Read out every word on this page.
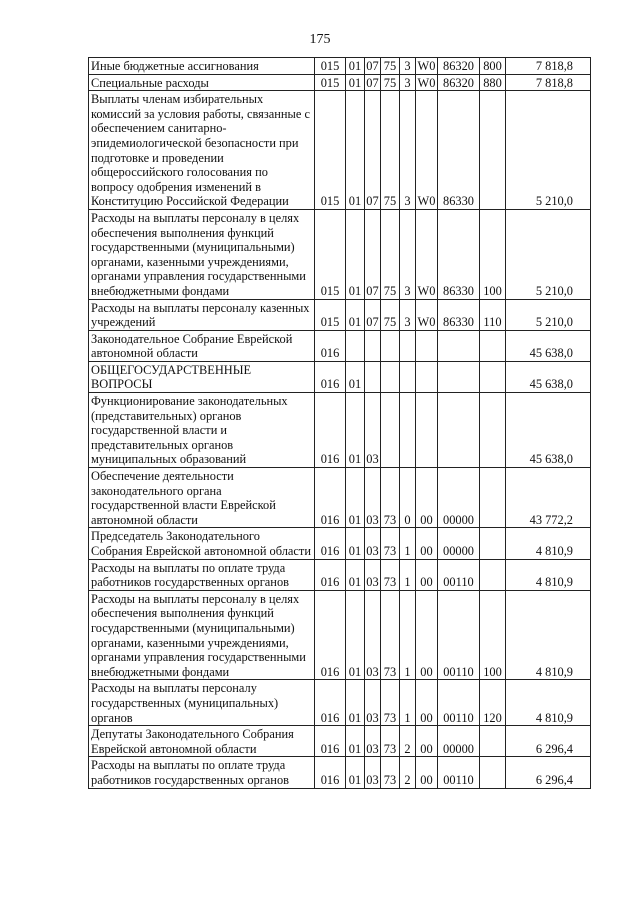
175
Иные бюджетные ассигнования	015	01	07	75	3	W0	86320	800	7 818,8
Специальные расходы	015	01	07	75	3	W0	86320	880	7 818,8
Выплаты членам избирательных комиссий за условия работы, связанные с обеспечением санитарно-эпидемиологической безопасности при подготовке и проведении общероссийского голосования по вопросу одобрения изменений в Конституцию Российской Федерации	015	01	07	75	3	W0	86330		5 210,0
Расходы на выплаты персоналу в целях обеспечения выполнения функций государственными (муниципальными) органами, казенными учреждениями, органами управления государственными внебюджетными фондами	015	01	07	75	3	W0	86330	100	5 210,0
Расходы на выплаты персоналу казенных учреждений	015	01	07	75	3	W0	86330	110	5 210,0
Законодательное Собрание Еврейской автономной области	016								45 638,0
ОБЩЕГОСУДАРСТВЕННЫЕ ВОПРОСЫ	016	01							45 638,0
Функционирование законодательных (представительных) органов государственной власти и представительных органов муниципальных образований	016	01	03						45 638,0
Обеспечение деятельности законодательного органа государственной власти Еврейской автономной области	016	01	03	73	0	00	00000		43 772,2
Председатель Законодательного Собрания Еврейской автономной области	016	01	03	73	1	00	00000		4 810,9
Расходы на выплаты по оплате труда работников государственных органов	016	01	03	73	1	00	00110		4 810,9
Расходы на выплаты персоналу в целях обеспечения выполнения функций государственными (муниципальными) органами, казенными учреждениями, органами управления государственными внебюджетными фондами	016	01	03	73	1	00	00110	100	4 810,9
Расходы на выплаты персоналу государственных (муниципальных) органов	016	01	03	73	1	00	00110	120	4 810,9
Депутаты Законодательного Собрания Еврейской автономной области	016	01	03	73	2	00	00000		6 296,4
Расходы на выплаты по оплате труда работников государственных органов	016	01	03	73	2	00	00110		6 296,4
